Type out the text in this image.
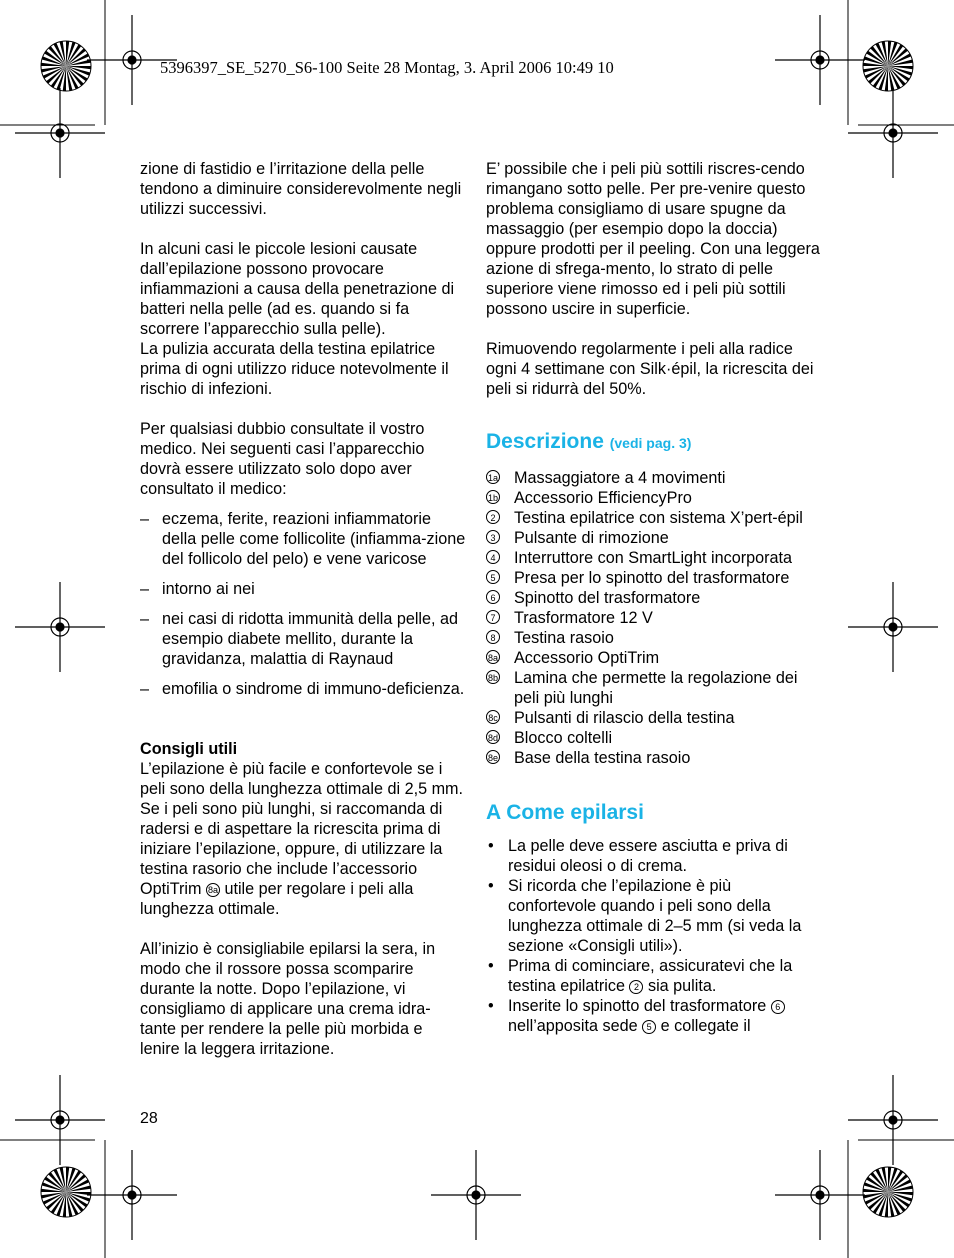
5396397_SE_5270_S6-100 Seite 28 Montag, 3. April 2006 10:49 10

zione di fastidio e l’irritazione della pelle tendono a diminuire considerevolmente negli utilizzi successivi.

In alcuni casi le piccole lesioni causate dall’epilazione possono provocare infiammazioni a causa della penetrazione di batteri nella pelle (ad es. quando si fa scorrere l’apparecchio sulla pelle).

La pulizia accurata della testina epilatrice prima di ogni utilizzo riduce notevolmente il rischio di infezioni.

Per qualsiasi dubbio consultate il vostro medico. Nei seguenti casi l’apparecchio dovrà essere utilizzato solo dopo aver consultato il medico:

– eczema, ferite, reazioni infiammatorie della pelle come follicolite (infiamma-zione del follicolo del pelo) e vene varicose
– intorno ai nei
– nei casi di ridotta immunità della pelle, ad esempio diabete mellito, durante la gravidanza, malattia di Raynaud
– emofilia o sindrome di immuno-deficienza.

Consigli utili

L’epilazione è più facile e confortevole se i peli sono della lunghezza ottimale di 2,5 mm. Se i peli sono più lunghi, si raccomanda di radersi e di aspettare la ricrescita prima di iniziare l’epilazione, oppure, di utilizzare la testina rasorio che include l’accessorio OptiTrim 8a utile per regolare i peli alla lunghezza ottimale.

All’inizio è consigliabile epilarsi la sera, in modo che il rossore possa scomparire durante la notte. Dopo l’epilazione, vi consigliamo di applicare una crema idra-tante per rendere la pelle più morbida e lenire la leggera irritazione.

E’ possibile che i peli più sottili riscres-cendo rimangano sotto pelle. Per pre-venire questo problema consigliamo di usare spugne da massaggio (per esempio dopo la doccia) oppure prodotti per il peeling. Con una leggera azione di sfrega-mento, lo strato di pelle superiore viene rimosso ed i peli più sottili possono uscire in superficie.

Rimuovendo regolarmente i peli alla radice ogni 4 settimane con Silk·épil, la ricrescita dei peli si ridurrà del 50%.

Descrizione (vedi pag. 3)

1a Massaggiatore a 4 movimenti
1b Accessorio EfficiencyPro
2 Testina epilatrice con sistema X’pert-épil
3 Pulsante di rimozione
4 Interruttore con SmartLight incorporata
5 Presa per lo spinotto del trasformatore
6 Spinotto del trasformatore
7 Trasformatore 12 V
8 Testina rasoio
8a Accessorio OptiTrim
8b Lamina che permette la regolazione dei peli più lunghi
8c Pulsanti di rilascio della testina
8d Blocco coltelli
8e Base della testina rasoio

A Come epilarsi

• La pelle deve essere asciutta e priva di residui oleosi o di crema.
• Si ricorda che l’epilazione è più confortevole quando i peli sono della lunghezza ottimale di 2–5 mm (si veda la sezione «Consigli utili»).
• Prima di cominciare, assicuratevi che la testina epilatrice 2 sia pulita.
• Inserite lo spinotto del trasformatore 6 nell’apposita sede 5 e collegate il
28
